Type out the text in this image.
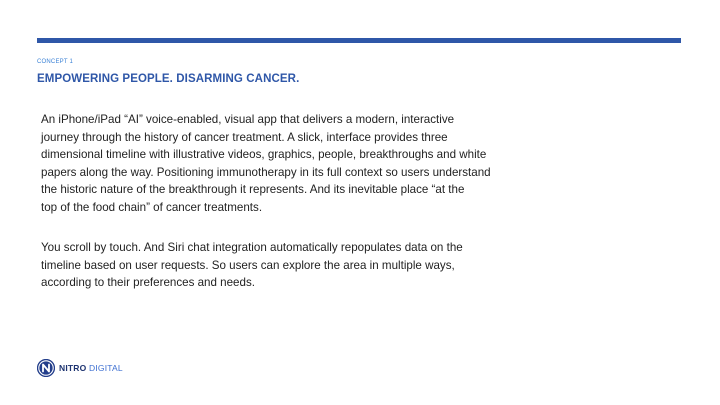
CONCEPT 1
EMPOWERING PEOPLE. DISARMING CANCER.

An iPhone/iPad “AI” voice-enabled, visual app that delivers a modern, interactive
journey through the history of cancer treatment. A slick, interface provides three
dimensional timeline with illustrative videos, graphics, people, breakthroughs and white
papers along the way. Positioning immunotherapy in its full context so users understand
the historic nature of the breakthrough it represents. And its inevitable place “at the
top of the food chain” of cancer treatments.

You scroll by touch. And Siri chat integration automatically repopulates data on the
timeline based on user requests. So users can explore the area in multiple ways,
according to their preferences and needs.

NITRO DIGITAL
